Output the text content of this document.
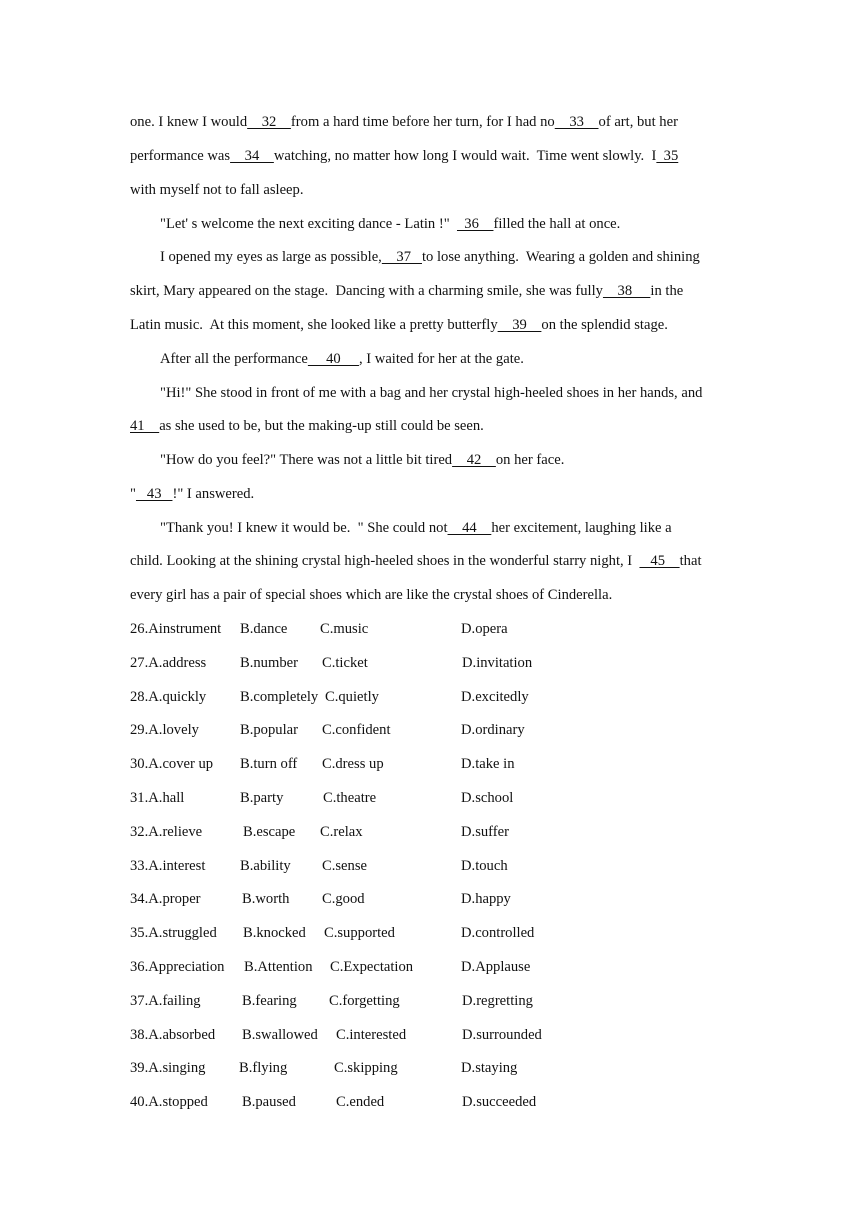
one. I knew I would    32    from a hard time before her turn, for I had no    33    of art, but her
performance was    34    watching, no matter how long I would wait.  Time went slowly.  I  35
with myself not to fall asleep.
"Let' s welcome the next exciting dance - Latin !"    36    filled the hall at once.
I opened my eyes as large as possible,    37   to lose anything.  Wearing a golden and shining
skirt, Mary appeared on the stage.  Dancing with a charming smile, she was fully    38     in the
Latin music.  At this moment, she looked like a pretty butterfly    39    on the splendid stage.
After all the performance     40     , I waited for her at the gate.
"Hi!" She stood in front of me with a bag and her crystal high-heeled shoes in her hands, and
41    as she used to be, but the making-up still could be seen.
"How do you feel?" There was not a little bit tired    42    on her face.
"   43   !" I answered.
"Thank you! I knew it would be.  " She could not    44    her excitement, laughing like a
child. Looking at the shining crystal high-heeled shoes in the wonderful starry night, I     45    that
every girl has a pair of special shoes which are like the crystal shoes of Cinderella.
26.Ainstrument B.dance C.music	D.opera
27.A.address B.number C.ticket	D.invitation
28.A.quickly B.completely C.quietly	D.excitedly
29.A.lovely	B.popular C.confident	D.ordinary
30.A.cover up B.turn off C.dress up	D.take in
31.A.hall	B.party	C.theatre	D.school
32.A.relieve	B.escape C.relax	D.suffer
33.A.interest B.ability C.sense	D.touch
34.A.proper	B.worth C.good	D.happy
35.A.struggled B.knocked C.supported	D.controlled
36.Appreciation B.Attention C.Expectation	D.Applause
37.A.failing	B.fearing C.forgetting	D.regretting
38.A.absorbed B.swallowed C.interested	D.surrounded
39.A.singing B.flying	C.skipping	D.staying
40.A.stopped B.paused	C.ended	D.succeeded
